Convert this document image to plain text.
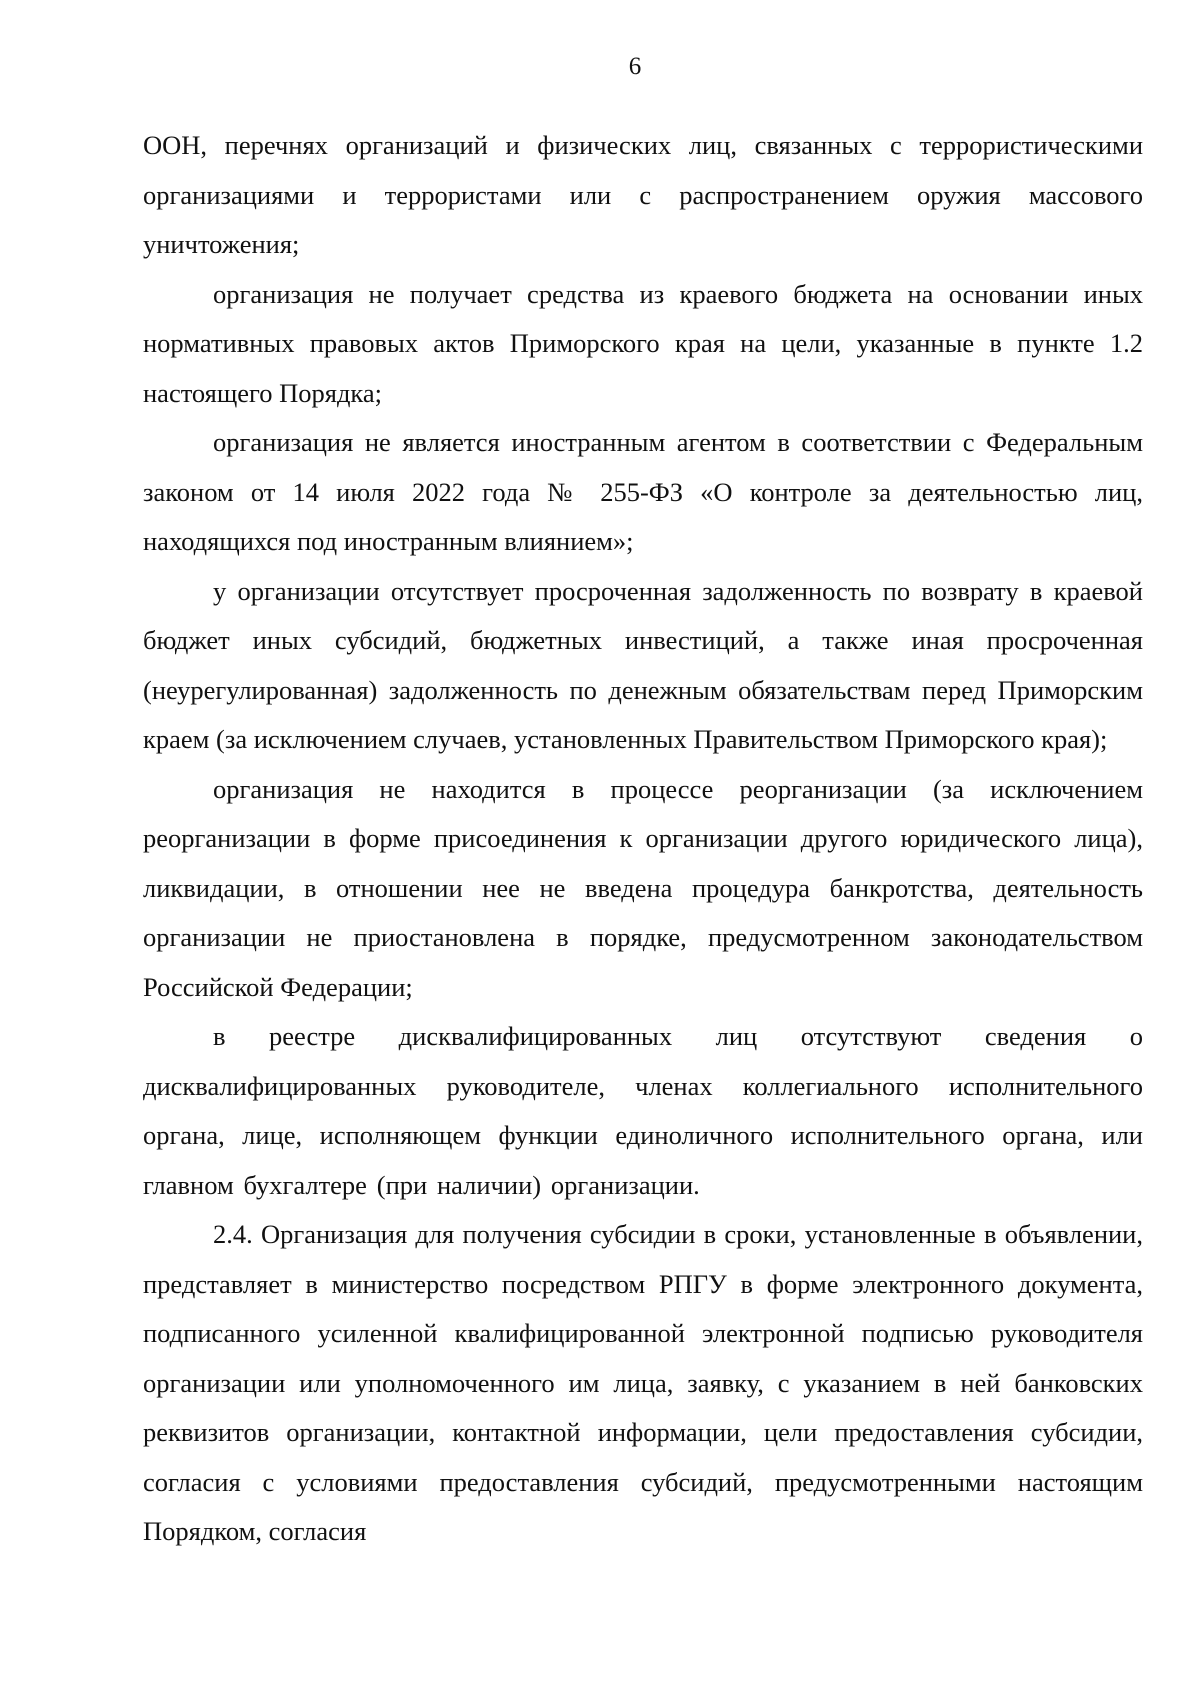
6

ООН, перечнях организаций и физических лиц, связанных с террористическими организациями и террористами или с распространением оружия массового уничтожения;

организация не получает средства из краевого бюджета на основании иных нормативных правовых актов Приморского края на цели, указанные в пункте 1.2 настоящего Порядка;

организация не является иностранным агентом в соответствии с Федеральным законом от 14 июля 2022 года № 255-ФЗ «О контроле за деятельностью лиц, находящихся под иностранным влиянием»;

у организации отсутствует просроченная задолженность по возврату в краевой бюджет иных субсидий, бюджетных инвестиций, а также иная просроченная (неурегулированная) задолженность по денежным обязательствам перед Приморским краем (за исключением случаев, установленных Правительством Приморского края);

организация не находится в процессе реорганизации (за исключением реорганизации в форме присоединения к организации другого юридического лица), ликвидации, в отношении нее не введена процедура банкротства, деятельность организации не приостановлена в порядке, предусмотренном законодательством Российской Федерации;

в реестре дисквалифицированных лиц отсутствуют сведения о дисквалифицированных руководителе, членах коллегиального исполнительного органа, лице, исполняющем функции единоличного исполнительного органа, или главном бухгалтере (при наличии) организации.

2.4. Организация для получения субсидии в сроки, установленные в объявлении, представляет в министерство посредством РПГУ в форме электронного документа, подписанного усиленной квалифицированной электронной подписью руководителя организации или уполномоченного им лица, заявку, с указанием в ней банковских реквизитов организации, контактной информации, цели предоставления субсидии, согласия с условиями предоставления субсидий, предусмотренными настоящим Порядком, согласия
